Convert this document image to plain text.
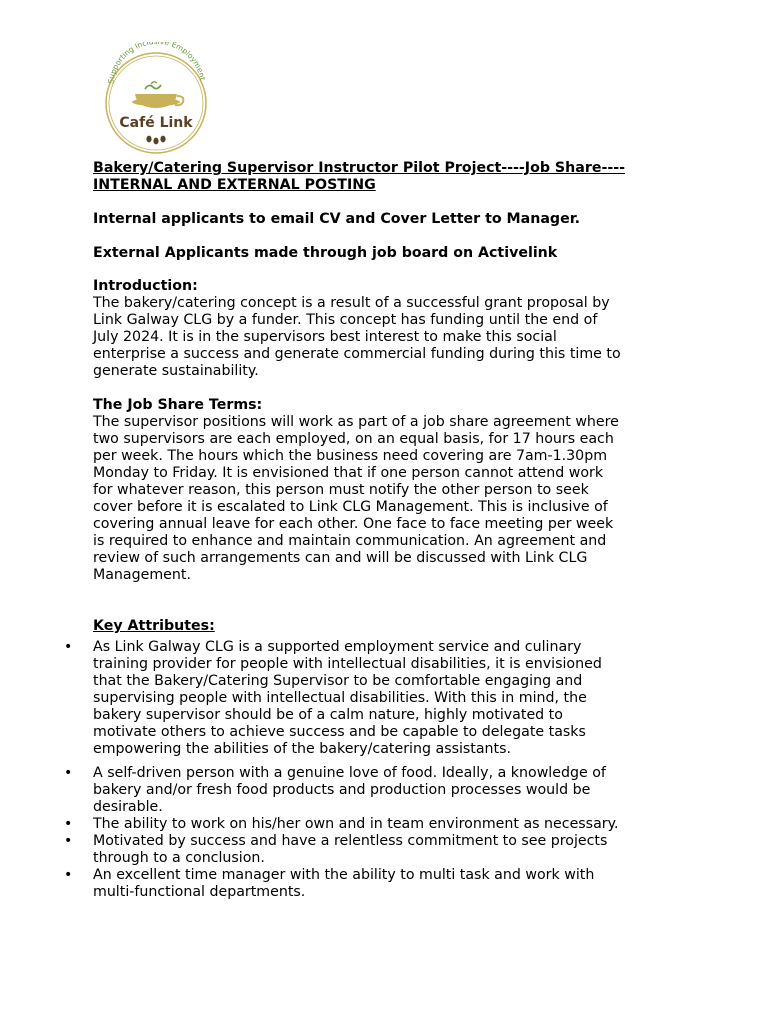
Supporting Incl e Employment
Café Link

Bakery/Catering Supervisor Instructor Pilot Project----Job Share----

INTERNAL AND EXTERNAL POSTING

Internal applicants to email CV and Cover Letter to Manager.

External Applicants made through job board on Activelink

Introduction:

The bakery/catering concept is a result of a successful grant proposal by

Link Galway CLG by a funder. This concept has funding until the end of

July 2024. It is in the supervisors best interest to make this social

enterprise a success and generate commercial funding during this time to

generate sustainability.

The Job Share Terms:

The supervisor positions will work as part of a job share agreement where

two supervisors are each employed, on an equal basis, for 17 hours each

per week. The hours which the business need covering are 7am-1.30pm

Monday to Friday. It is envisioned that if one person cannot attend work

for whatever reason, this person must notify the other person to seek

cover before it is escalated to Link CLG Management. This is inclusive of

covering annual leave for each other. One face to face meeting per week

is required to enhance and maintain communication. An agreement and

review of such arrangements can and will be discussed with Link CLG

Management.

Key Attributes:

• As Link Galway CLG is a supported employment service and culinary

training provider for people with intellectual disabilities, it is envisioned

that the Bakery/Catering Supervisor to be comfortable engaging and

supervising people with intellectual disabilities. With this in mind, the

bakery supervisor should be of a calm nature, highly motivated to

motivate others to achieve success and be capable to delegate tasks

empowering the abilities of the bakery/catering assistants.

• A self-driven person with a genuine love of food. Ideally, a knowledge of

bakery and/or fresh food products and production processes would be

desirable.

• The ability to work on his/her own and in team environment as necessary.

• Motivated by success and have a relentless commitment to see projects

through to a conclusion.

• An excellent time manager with the ability to multi task and work with

multi-functional departments.
